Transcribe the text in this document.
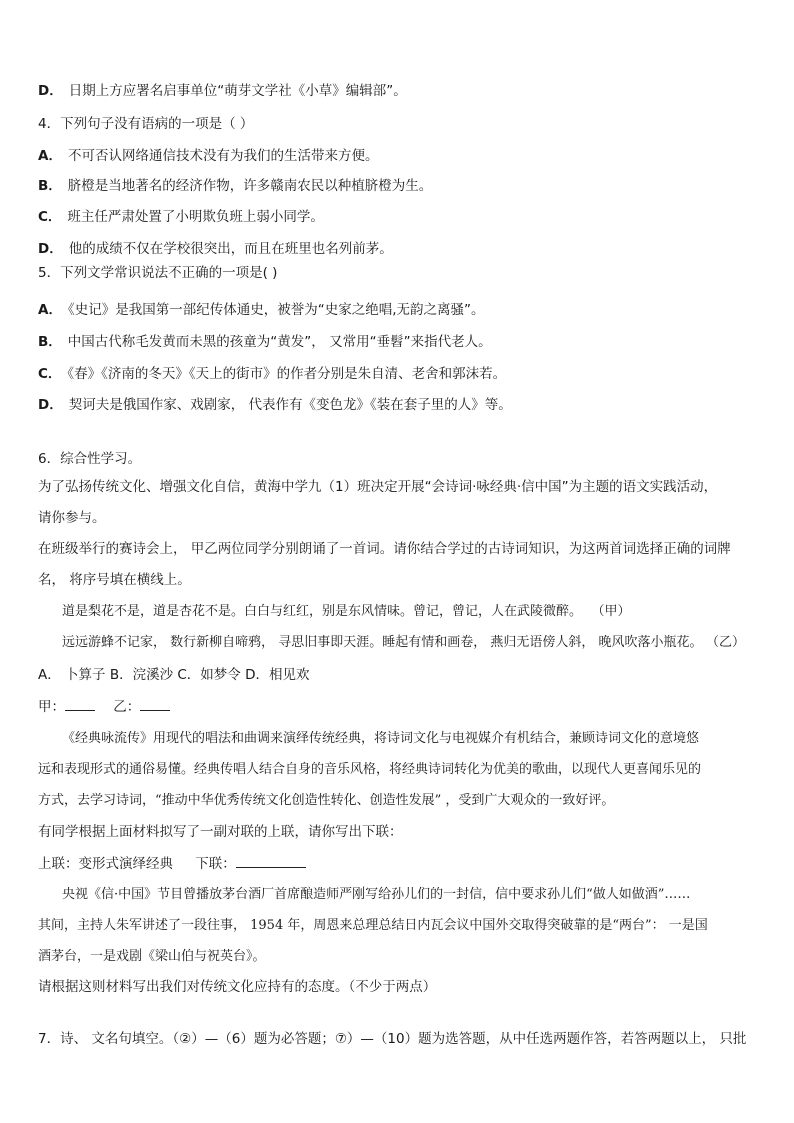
D． 日期上方应署名启事单位“萌芽文学社《小草》编辑部”。
4．下列句子没有语病的一项是（ ）
A． 不可否认网络通信技术没有为我们的生活带来方便。
B． 脐橙是当地著名的经济作物，许多赣南农民以种植脐橙为生。
C． 班主任严肃处置了小明欺负班上弱小同学。
D． 他的成绩不仅在学校很突出，而且在班里也名列前茅。
5．下列文学常识说法不正确的一项是( )
A． 《史记》是我国第一部纪传体通史，被誉为“史家之绝唱,无韵之离骚”。
B． 中国古代称毛发黄而未黑的孩童为“黄发”， 又常用“垂髫”来指代老人。
C． 《春》《济南的冬天》《天上的街市》的作者分别是朱自清、老舍和郭沫若。
D． 契诃夫是俄国作家、戏剧家， 代表作有《变色龙》《装在套子里的人》等。
6．综合性学习。
为了弘扬传统文化、增强文化自信，黄海中学九（1）班决定开展“会诗词·咏经典·信中国”为主题的语文实践活动，
请你参与。
在班级举行的赛诗会上， 甲乙两位同学分别朗诵了一首词。请你结合学过的古诗词知识，为这两首词选择正确的词牌
名， 将序号填在横线上。
道是梨花不是，道是杏花不是。白白与红红，别是东风情味。曾记，曾记，人在武陵微醉。 （甲）
远远游蜂不记家， 数行新柳自啼鸦， 寻思旧事即天涯。睡起有情和画卷， 燕归无语傍人斜， 晚风吹落小瓶花。 （乙）
A． 卜算子 B．浣溪沙 C．如梦令 D．相见欢
甲：	乙：
《经典咏流传》用现代的唱法和曲调来演绎传统经典，将诗词文化与电视媒介有机结合，兼顾诗词文化的意境悠
远和表现形式的通俗易懂。经典传唱人结合自身的音乐风格，将经典诗词转化为优美的歌曲，以现代人更喜闻乐见的
方式，去学习诗词，“推动中华优秀传统文化创造性转化、创造性发展” ，受到广大观众的一致好评。
有同学根据上面材料拟写了一副对联的上联，请你写出下联：
上联：变形式演绎经典 下联：
央视《信·中国》节目曾播放茅台酒厂首席酿造师严刚写给孙儿们的一封信，信中要求孙儿们“做人如做酒”……
其间，主持人朱军讲述了一段往事， 1954 年，周恩来总理总结日内瓦会议中国外交取得突破靠的是“两台”： 一是国
酒茅台，一是戏剧《梁山伯与祝英台》。
请根据这则材料写出我们对传统文化应持有的态度。（不少于两点）
7．诗、 文名句填空。（②）—（6）题为必答题；⑦）—（10）题为选答题，从中任选两题作答，若答两题以上， 只批
